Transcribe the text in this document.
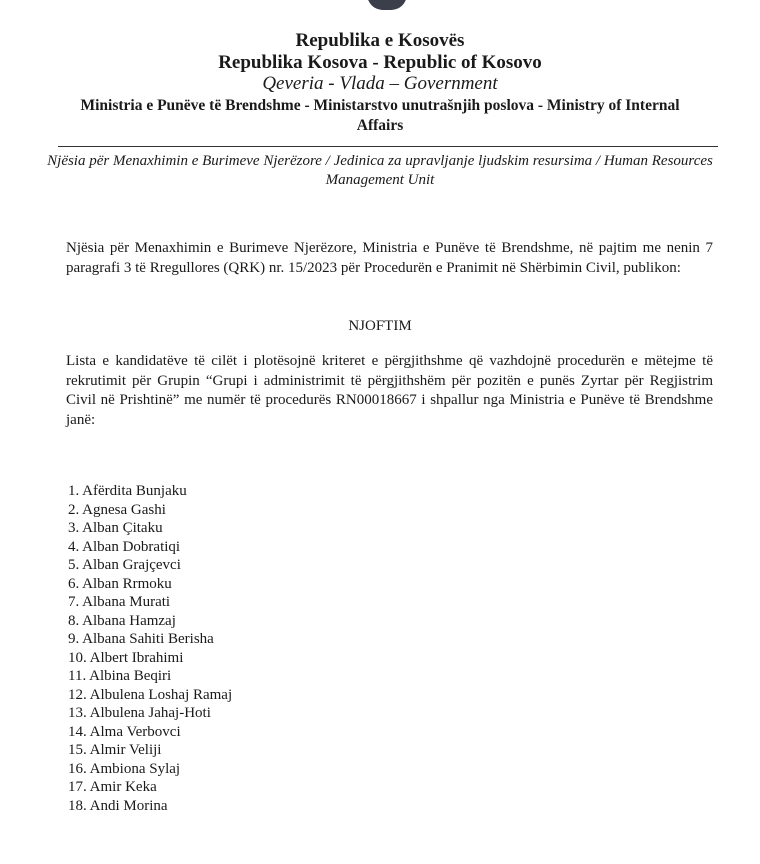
Republika e Kosovës
Republika Kosova - Republic of Kosovo
Qeveria - Vlada – Government
Ministria e Punëve të Brendshme - Ministarstvo unutrašnjih poslova - Ministry of Internal Affairs
Njësia për Menaxhimin e Burimeve Njerëzore / Jedinica za upravljanje ljudskim resursima / Human Resources Management Unit
Njësia për Menaxhimin e Burimeve Njerëzore, Ministria e Punëve të Brendshme, në pajtim me nenin 7 paragrafi 3 të Rregullores (QRK) nr. 15/2023 për Procedurën e Pranimit në Shërbimin Civil, publikon:
NJOFTIM
Lista e kandidatëve të cilët i plotësojnë kriteret e përgjithshme që vazhdojnë procedurën e mëtejme të rekrutimit për Grupin “Grupi i administrimit të përgjithshëm për pozitën e punës Zyrtar për Regjistrim Civil në Prishtinë” me numër të procedurës RN00018667 i shpallur nga Ministria e Punëve të Brendshme janë:
1. Afërdita Bunjaku
2. Agnesa Gashi
3. Alban Çitaku
4. Alban Dobratiqi
5. Alban Grajçevci
6. Alban Rrmoku
7. Albana Murati
8. Albana Hamzaj
9. Albana Sahiti Berisha
10. Albert Ibrahimi
11. Albina Beqiri
12. Albulena Loshaj Ramaj
13. Albulena Jahaj-Hoti
14. Alma Verbovci
15. Almir Veliji
16. Ambiona Sylaj
17. Amir Keka
18. Andi Morina
